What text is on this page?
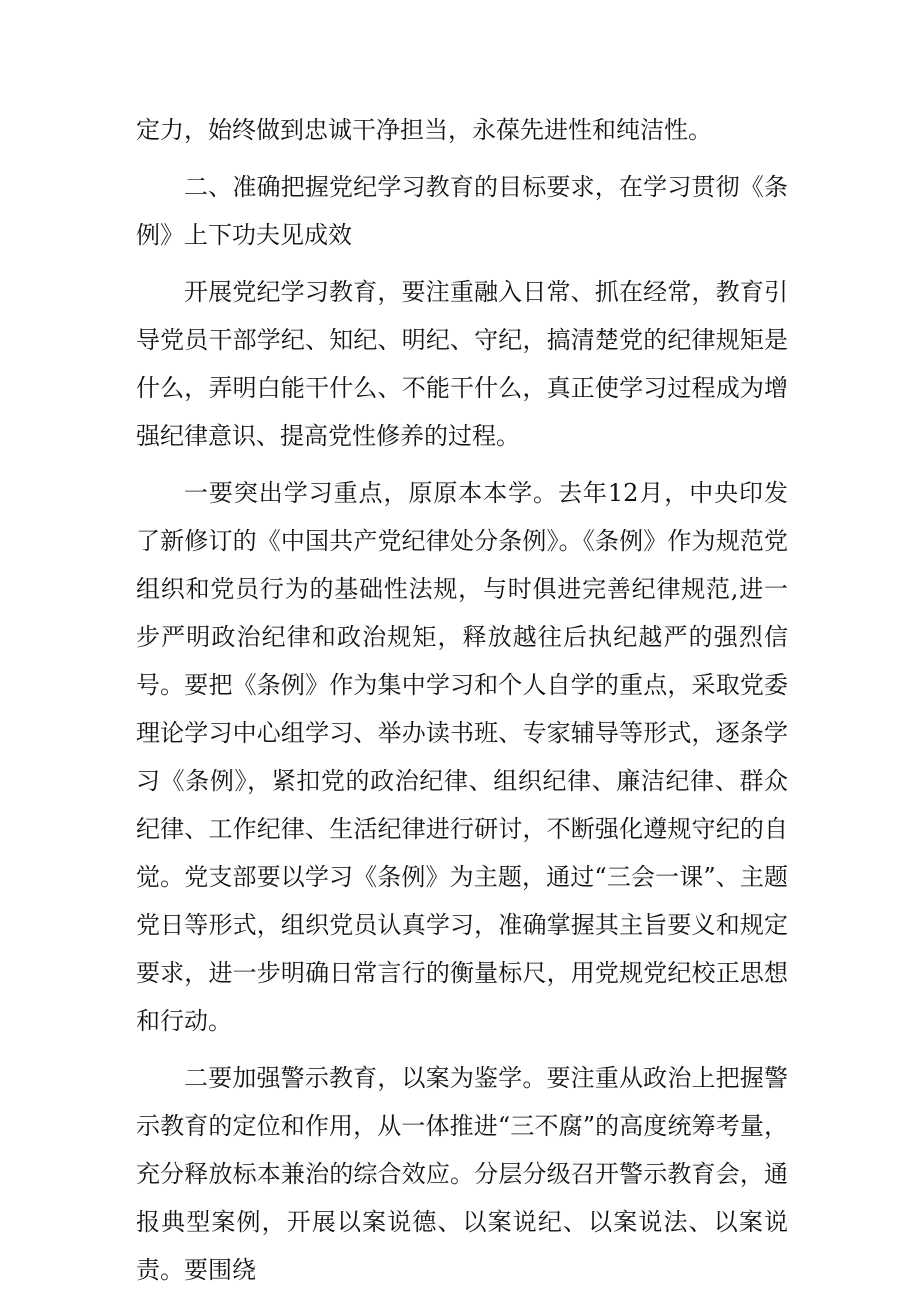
定力，始终做到忠诚干净担当，永葆先进性和纯洁性。

二、准确把握党纪学习教育的目标要求，在学习贯彻《条例》上下功夫见成效

开展党纪学习教育，要注重融入日常、抓在经常，教育引导党员干部学纪、知纪、明纪、守纪，搞清楚党的纪律规矩是什么，弄明白能干什么、不能干什么，真正使学习过程成为增强纪律意识、提高党性修养的过程。

一要突出学习重点，原原本本学。去年12月，中央印发了新修订的《中国共产党纪律处分条例》。《条例》作为规范党组织和党员行为的基础性法规，与时俱进完善纪律规范,进一步严明政治纪律和政治规矩，释放越往后执纪越严的强烈信号。要把《条例》作为集中学习和个人自学的重点，采取党委理论学习中心组学习、举办读书班、专家辅导等形式，逐条学习《条例》，紧扣党的政治纪律、组织纪律、廉洁纪律、群众纪律、工作纪律、生活纪律进行研讨，不断强化遵规守纪的自觉。党支部要以学习《条例》为主题，通过“三会一课”、主题党日等形式，组织党员认真学习，准确掌握其主旨要义和规定要求，进一步明确日常言行的衡量标尺，用党规党纪校正思想和行动。

二要加强警示教育，以案为鉴学。要注重从政治上把握警示教育的定位和作用，从一体推进“三不腐”的高度统筹考量，充分释放标本兼治的综合效应。分层分级召开警示教育会，通报典型案例，开展以案说德、以案说纪、以案说法、以案说责。要围绕
